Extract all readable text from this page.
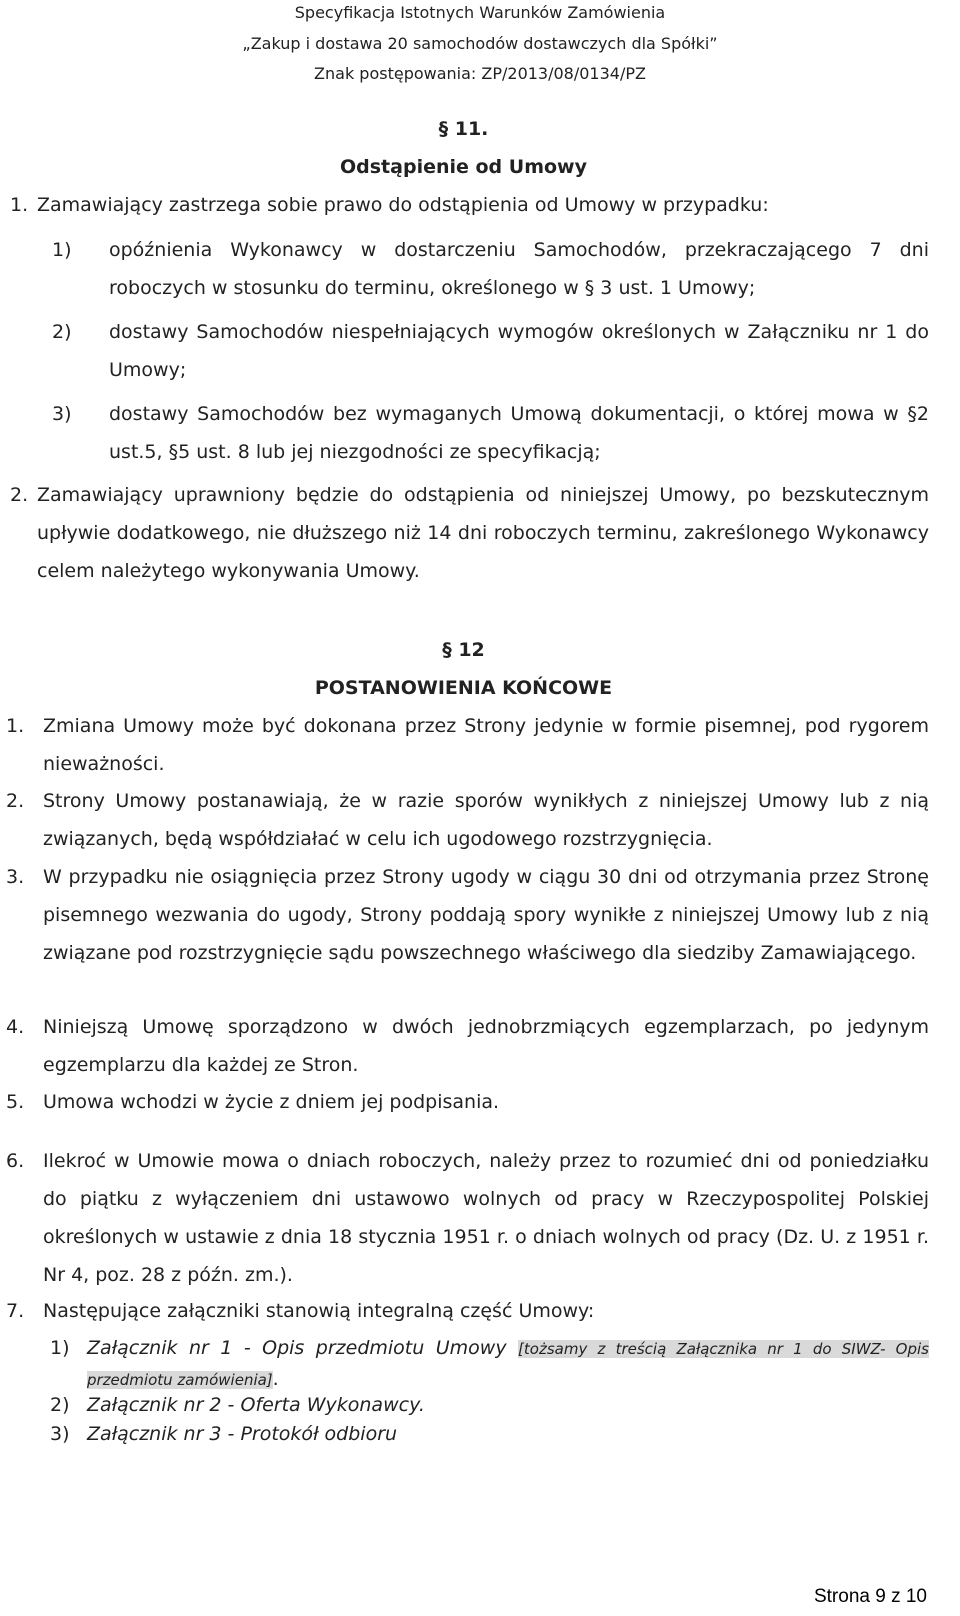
Specyfikacja Istotnych Warunków Zamówienia
„Zakup i dostawa 20 samochodów dostawczych dla Spółki”
Znak postępowania: ZP/2013/08/0134/PZ
§ 11.
Odstąpienie od Umowy
1. Zamawiający zastrzega sobie prawo do odstąpienia od Umowy w przypadku:
1) opóźnienia Wykonawcy w dostarczeniu Samochodów, przekraczającego 7 dni roboczych w stosunku do terminu, określonego w § 3 ust. 1 Umowy;
2) dostawy Samochodów niespełniających wymogów określonych w Załączniku nr 1 do Umowy;
3) dostawy Samochodów bez wymaganych Umową dokumentacji, o której mowa w §2 ust.5, §5 ust. 8 lub jej niezgodności ze specyfikacją;
2. Zamawiający uprawniony będzie do odstąpienia od niniejszej Umowy, po bezskutecznym upływie dodatkowego, nie dłuższego niż 14 dni roboczych terminu, zakreślonego Wykonawcy celem należytego wykonywania Umowy.
§ 12
POSTANOWIENIA KOŃCOWE
1. Zmiana Umowy może być dokonana przez Strony jedynie w formie pisemnej, pod rygorem nieważności.
2. Strony Umowy postanawiają, że w razie sporów wynikłych z niniejszej Umowy lub z nią związanych, będą współdziałać w celu ich ugodowego rozstrzygnięcia.
3. W przypadku nie osiągnięcia przez Strony ugody w ciągu 30 dni od otrzymania przez Stronę pisemnego wezwania do ugody, Strony poddają spory wynikłe z niniejszej Umowy lub z nią związane pod rozstrzygnięcie sądu powszechnego właściwego dla siedziby Zamawiającego.
4. Niniejszą Umowę sporządzono w dwóch jednobrzmiących egzemplarzach, po jedynym egzemplarzu dla każdej ze Stron.
5. Umowa wchodzi w życie z dniem jej podpisania.
6. Ilekroć w Umowie mowa o dniach roboczych, należy przez to rozumieć dni od poniedziałku do piątku z wyłączeniem dni ustawowo wolnych od pracy w Rzeczypospolitej Polskiej określonych w ustawie z dnia 18 stycznia 1951 r. o dniach wolnych od pracy (Dz. U. z 1951 r. Nr 4, poz. 28 z późn. zm.).
7. Następujące załączniki stanowią integralną część Umowy:
1) Załącznik nr 1 - Opis przedmiotu Umowy [tożsamy z treścią Załącznika nr 1 do SIWZ- Opis przedmiotu zamówienia].
2) Załącznik nr 2 - Oferta Wykonawcy.
3) Załącznik nr 3 - Protokół odbioru
Strona 9 z 10
